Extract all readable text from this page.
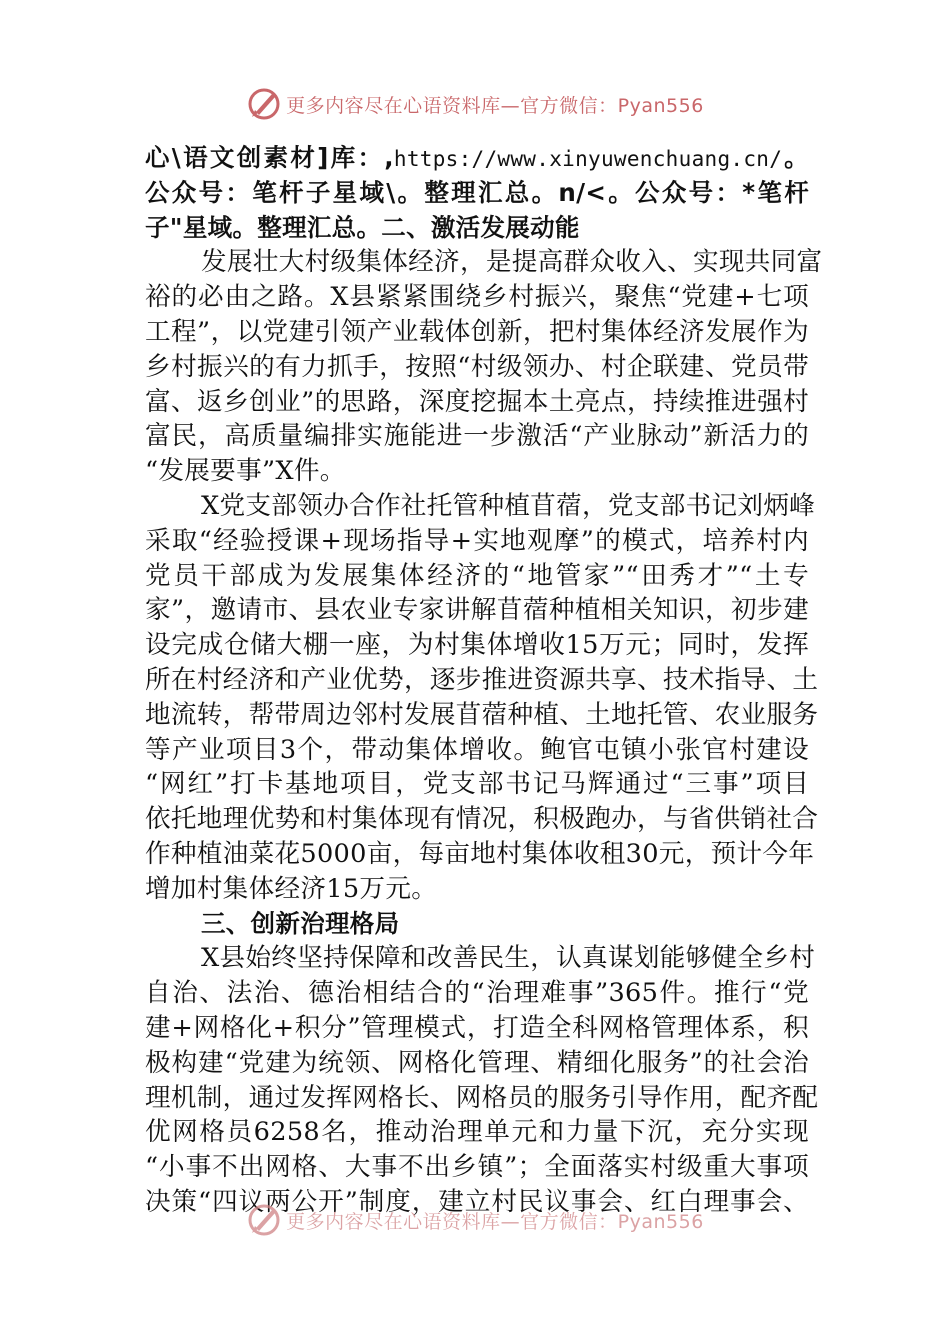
更多内容尽在心语资料库—官方微信：Pyan556
心\语文创素材]库：,https://www.xinyuwenchuang.cn/。
公众号：笔杆子星域\。整理汇总。n/<。公众号：*笔杆
子"星域。整理汇总。二、激活发展动能
发展壮大村级集体经济，是提高群众收入、实现共同富
裕的必由之路。X县紧紧围绕乡村振兴，聚焦“党建+七项
工程”，以党建引领产业载体创新，把村集体经济发展作为
乡村振兴的有力抓手，按照“村级领办、村企联建、党员带
富、返乡创业”的思路，深度挖掘本土亮点，持续推进强村
富民，高质量编排实施能进一步激活“产业脉动”新活力的
“发展要事”X件。
X党支部领办合作社托管种植苜蓿，党支部书记刘炳峰
采取“经验授课+现场指导+实地观摩”的模式，培养村内
党员干部成为发展集体经济的“地管家”“田秀才”“土专
家”，邀请市、县农业专家讲解苜蓿种植相关知识，初步建
设完成仓储大棚一座，为村集体增收15万元；同时，发挥
所在村经济和产业优势，逐步推进资源共享、技术指导、土
地流转，帮带周边邻村发展苜蓿种植、土地托管、农业服务
等产业项目3个，带动集体增收。鲍官屯镇小张官村建设
“网红”打卡基地项目，党支部书记马辉通过“三事”项目
依托地理优势和村集体现有情况，积极跑办，与省供销社合
作种植油菜花5000亩，每亩地村集体收租30元，预计今年
增加村集体经济15万元。
三、创新治理格局
X县始终坚持保障和改善民生，认真谋划能够健全乡村
自治、法治、德治相结合的“治理难事”365件。推行“党
建+网格化+积分”管理模式，打造全科网格管理体系，积
极构建“党建为统领、网格化管理、精细化服务”的社会治
理机制，通过发挥网格长、网格员的服务引导作用，配齐配
优网格员6258名，推动治理单元和力量下沉，充分实现
“小事不出网格、大事不出乡镇”；全面落实村级重大事项
决策“四议两公开”制度，建立村民议事会、红白理事会、
更多内容尽在心语资料库—官方微信：Pyan556
